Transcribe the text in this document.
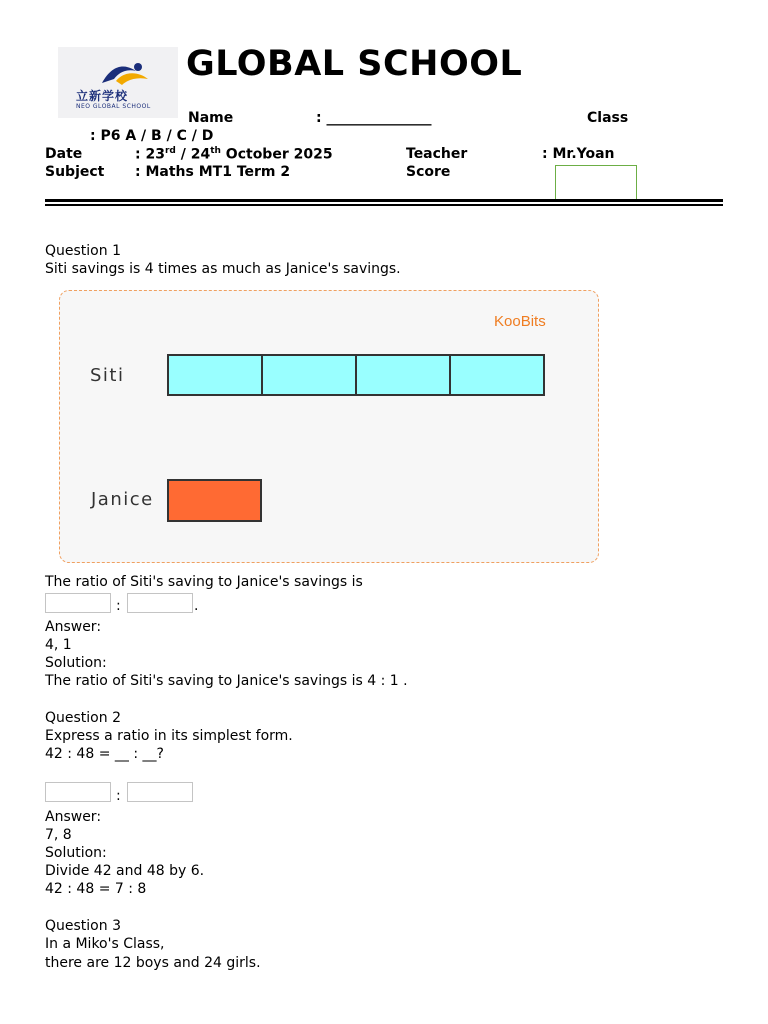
立新学校
NEO GLOBAL SCHOOL
GLOBAL SCHOOL
Name	: _______________	Class
: P6 A / B / C / D
Date	: 23rd / 24th October 2025	Teacher	: Mr.Yoan
Subject : Maths MT1 Term 2	Score
Question 1
Siti savings is 4 times as much as Janice's savings.
KooBits
Siti
Janice
The ratio of Siti's saving to Janice's savings is
:	.
Answer:
4, 1
Solution:
The ratio of Siti's saving to Janice's savings is 4 : 1 .
Question 2
Express a ratio in its simplest form.
42 : 48 = __ : __?
:
Answer:
7, 8
Solution:
Divide 42 and 48 by 6.
42 : 48 = 7 : 8
Question 3
In a Miko's Class,
there are 12 boys and 24 girls.
